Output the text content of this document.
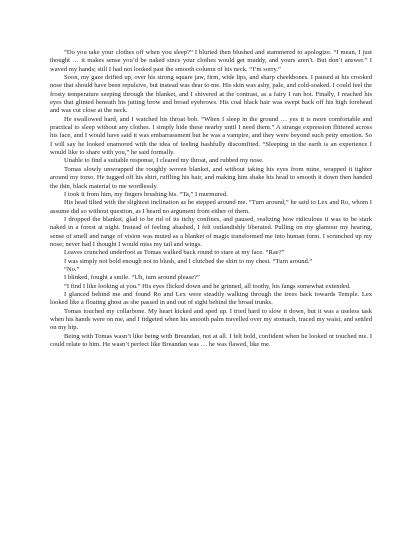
“Do you take your clothes off when you sleep?” I blurted then blushed and stammered to apologize. “I mean, I just thought … it makes sense you’d be naked since your clothes would get muddy, and yours aren’t. But don’t answer.” I waved my hands; still I had not looked past the smooth column of his neck. “I’m sorry.”

Soon, my gaze drifted up, over his strong square jaw, firm, wide lips, and sharp cheekbones. I paused at his crooked nose that should have been repulsive, but instead was dear to me. His skin was ashy, pale, and cold-soaked. I could feel the frosty temperature seeping through the blanket, and I shivered at the contrast, as a fairy I ran hot. Finally, I reached his eyes that glinted beneath his jutting brow and broad eyebrows. His coal black hair was swept back off his high forehead and was cut close at the neck.

He swallowed hard, and I watched his throat bob. “When I sleep in the ground … yes it is more comfortable and practical to sleep without any clothes. I simply hide these nearby until I need them.” A strange expression flittered across his face, and I would have said it was embarrassment but he was a vampire, and they were beyond such petty emotion. So I will say he looked enamored with the idea of feeling bashfully discomfited. “Sleeping in the earth is an experience I would like to share with you,” he said formally.

Unable to find a suitable response, I cleared my throat, and rubbed my nose.

Tomas slowly unwrapped the roughly woven blanket, and without taking his eyes from mine, wrapped it tighter around my torso. He tugged off his shirt, ruffling his hair, and making him shake his head to smooth it down then handed the thin, black material to me wordlessly.

I took it from him, my fingers brushing his. “Ta,” I murmured.

His head tilted with the slightest inclination as he stepped around me. “Turn around,” he said to Lex and Ro, whom I assume did so without question, as I heard no argument from either of them.

I dropped the blanket, glad to be rid of its itchy confines, and paused, realizing how ridiculous it was to be stark naked in a forest at night. Instead of feeling abashed, I felt outlandishly liberated. Pulling on my glamour my hearing, sense of smell and range of vision was muted as a blanket of magic transformed me into human form. I scrunched up my nose; never had I thought I would miss my tail and wings.

Leaves crunched underfoot as Tomas walked back round to stare at my face. “Rae?”

I was simply not bold enough not to blush, and I clutched the shirt to my chest. “Turn around.”

“No.”

I blinked, fought a smile. “Uh, turn around please?”

“I find I like looking at you.” His eyes flicked down and he grinned, all toothy, his fangs somewhat extended.

I glanced behind me and found Ro and Lex were steadily walking through the trees back towards Temple. Lex looked like a floating ghost as she passed in and out of sight behind the broad trunks.

Tomas touched my collarbone. My heart kicked and sped up. I tried hard to slow it down, but it was a useless task when his hands were on me, and I fidgeted when his smooth palm travelled over my stomach, traced my waist, and settled on my hip.

Being with Tomas wasn’t like being with Breandan, not at all. I felt bold, confident when he looked or touched me. I could relate to him. He wasn’t perfect like Breandan was … he was flawed, like me.
